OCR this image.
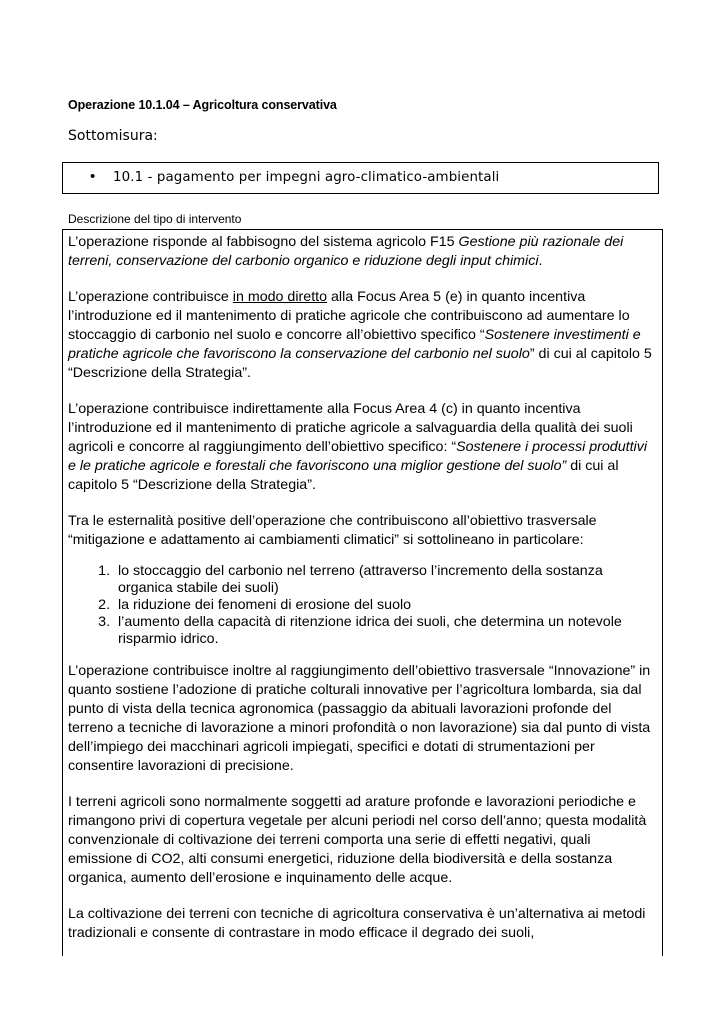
Operazione 10.1.04 – Agricoltura conservativa
Sottomisura:
• 10.1 - pagamento per impegni agro-climatico-ambientali
Descrizione del tipo di intervento

L’operazione risponde al fabbisogno del sistema agricolo F15 Gestione più razionale dei terreni, conservazione del carbonio organico e riduzione degli input chimici.

L’operazione contribuisce in modo diretto alla Focus Area 5 (e) in quanto incentiva l’introduzione ed il mantenimento di pratiche agricole che contribuiscono ad aumentare lo stoccaggio di carbonio nel suolo e concorre all’obiettivo specifico “Sostenere investimenti e pratiche agricole che favoriscono la conservazione del carbonio nel suolo” di cui al capitolo 5 “Descrizione della Strategia”.

L’operazione contribuisce indirettamente alla Focus Area 4 (c) in quanto incentiva l’introduzione ed il mantenimento di pratiche agricole a salvaguardia della qualità dei suoli agricoli e concorre al raggiungimento dell’obiettivo specifico: “Sostenere i processi produttivi e le pratiche agricole e forestali che favoriscono una miglior gestione del suolo” di cui al capitolo 5 “Descrizione della Strategia”.

Tra le esternalità positive dell’operazione che contribuiscono all’obiettivo trasversale “mitigazione e adattamento ai cambiamenti climatici” si sottolineano in particolare:

1. lo stoccaggio del carbonio nel terreno (attraverso l’incremento della sostanza organica stabile dei suoli)
2. la riduzione dei fenomeni di erosione del suolo
3. l’aumento della capacità di ritenzione idrica dei suoli, che determina un notevole risparmio idrico.

L’operazione contribuisce inoltre al raggiungimento dell’obiettivo trasversale “Innovazione” in quanto sostiene l’adozione di pratiche colturali innovative per l’agricoltura lombarda, sia dal punto di vista della tecnica agronomica (passaggio da abituali lavorazioni profonde del terreno a tecniche di lavorazione a minori profondità o non lavorazione) sia dal punto di vista dell’impiego dei macchinari agricoli impiegati, specifici e dotati di strumentazioni per consentire lavorazioni di precisione.

I terreni agricoli sono normalmente soggetti ad arature profonde e lavorazioni periodiche e rimangono privi di copertura vegetale per alcuni periodi nel corso dell’anno; questa modalità convenzionale di coltivazione dei terreni comporta una serie di effetti negativi, quali emissione di CO2, alti consumi energetici, riduzione della biodiversità e della sostanza organica, aumento dell’erosione e inquinamento delle acque.

La coltivazione dei terreni con tecniche di agricoltura conservativa è un’alternativa ai metodi tradizionali e consente di contrastare in modo efficace il degrado dei suoli,
